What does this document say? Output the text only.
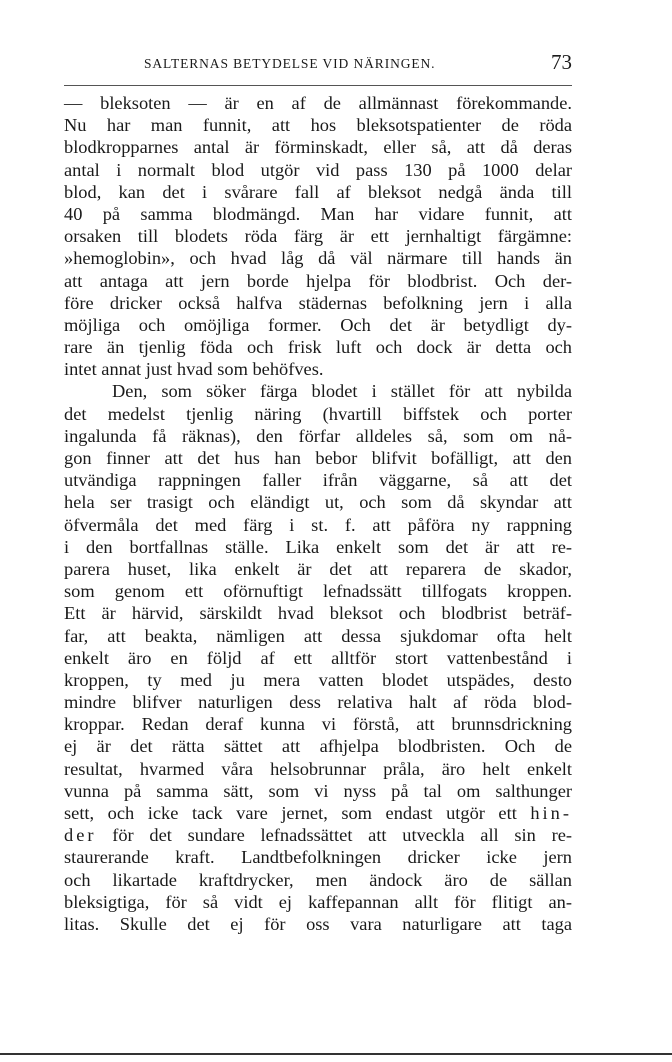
SALTERNAS BETYDELSE VID NÄRINGEN.	73
— bleksoten — är en af de allmännast förekommande.
Nu har man funnit, att hos bleksotspatienter de röda
blodkropparnes antal är förminskadt, eller så, att då deras
antal i normalt blod utgör vid pass 130 på 1000 delar
blod, kan det i svårare fall af bleksot nedgå ända till
40 på samma blodmängd. Man har vidare funnit, att
orsaken till blodets röda färg är ett jernhaltigt färgämne:
»hemoglobin», och hvad låg då väl närmare till hands än
att antaga att jern borde hjelpa för blodbrist. Och der-
före dricker också halfva städernas befolkning jern i alla
möjliga och omöjliga former. Och det är betydligt dy-
rare än tjenlig föda och frisk luft och dock är detta och
intet annat just hvad som behöfves.
Den, som söker färga blodet i stället för att nybilda
det medelst tjenlig näring (hvartill biffstek och porter
ingalunda få räknas), den förfar alldeles så, som om nå-
gon finner att det hus han bebor blifvit bofälligt, att den
utvändiga rappningen faller ifrån väggarne, så att det
hela ser trasigt och eländigt ut, och som då skyndar att
öfvermåla det med färg i st. f. att påföra ny rappning
i den bortfallnas ställe. Lika enkelt som det är att re-
parera huset, lika enkelt är det att reparera de skador,
som genom ett oförnuftigt lefnadssätt tillfogats kroppen.
Ett är härvid, särskildt hvad bleksot och blodbrist beträf-
far, att beakta, nämligen att dessa sjukdomar ofta helt
enkelt äro en följd af ett alltför stort vattenbestånd i
kroppen, ty med ju mera vatten blodet utspädes, desto
mindre blifver naturligen dess relativa halt af röda blod-
kroppar. Redan deraf kunna vi förstå, att brunnsdrickning
ej är det rätta sättet att afhjelpa blodbristen. Och de
resultat, hvarmed våra helsobrunnar pråla, äro helt enkelt
vunna på samma sätt, som vi nyss på tal om salthunger
sett, och icke tack vare jernet, som endast utgör ett hin-
der för det sundare lefnadssättet att utveckla all sin re-
staurerande kraft. Landtbefolkningen dricker icke jern
och likartade kraftdrycker, men ändock äro de sällan
bleksigtiga, för så vidt ej kaffepannan allt för flitigt an-
litas. Skulle det ej för oss vara naturligare att taga
